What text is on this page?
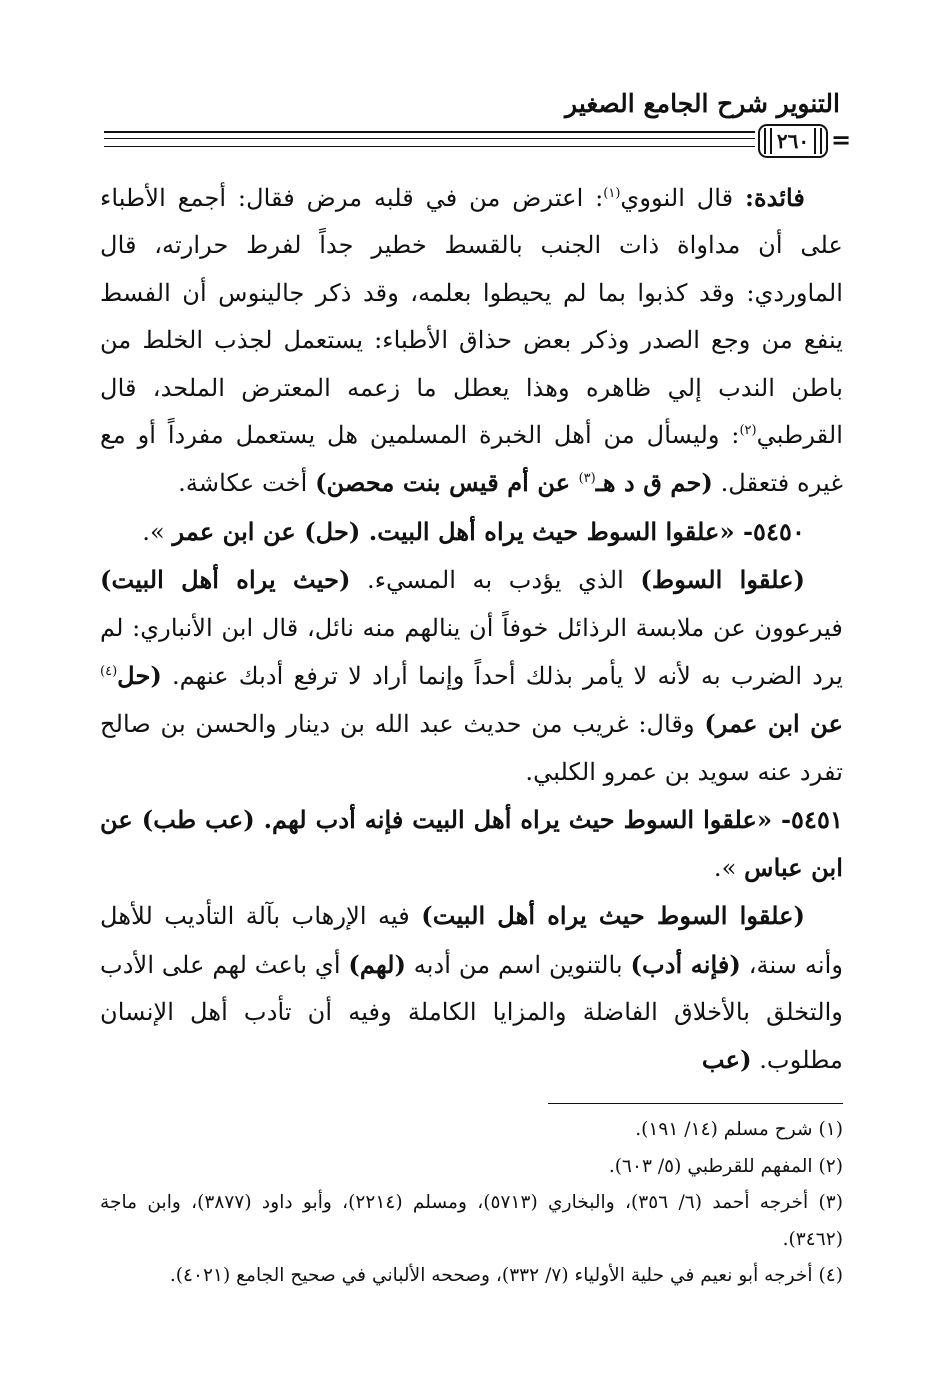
التنوير شرح الجامع الصغير
٢٦٠ =

فائدة: قال النووي$^{(١)}$: اعترض من في قلبه مرض فقال: أجمع الأطباء على أن مداواة ذات الجنب بالقسط خطير جداً لفرط حرارته، قال الماوردي: وقد كذبوا بما لم يحيطوا بعلمه، وقد ذكر جالينوس أن الفسط ينفع من وجع الصدر وذكر بعض حذاق الأطباء: يستعمل لجذب الخلط من باطن الندب إلي ظاهره وهذا يعطل ما زعمه المعترض الملحد، قال القرطبي$^{(٢)}$: وليسأل من أهل الخبرة المسلمين هل يستعمل مفرداً أو مع غيره فتعقل. (حم ق د هـ$^{(٣)}$ عن أم قيس بنت محصن) أخت عكاشة.

٥٤٥٠- «علقوا السوط حيث يراه أهل البيت. (حل) عن ابن عمر ».

(علقوا السوط) الذي يؤدب به المسيء. (حيث يراه أهل البيت) فيرعوون عن ملابسة الرذائل خوفاً أن ينالهم منه نائل، قال ابن الأنباري: لم يرد الضرب به لأنه لا يأمر بذلك أحداً وإنما أراد لا ترفع أدبك عنهم. (حل$^{(٤)}$ عن ابن عمر) وقال: غريب من حديث عبد الله بن دينار والحسن بن صالح تفرد عنه سويد بن عمرو الكلبي.

٥٤٥١- «علقوا السوط حيث يراه أهل البيت فإنه أدب لهم. (عب طب) عن ابن عباس ».

(علقوا السوط حيث يراه أهل البيت) فيه الإرهاب بآلة التأديب للأهل وأنه سنة، (فإنه أدب) بالتنوين اسم من أدبه (لهم) أي باعث لهم على الأدب والتخلق بالأخلاق الفاضلة والمزايا الكاملة وفيه أن تأدب أهل الإنسان مطلوب. (عب

(١) شرح مسلم (١٤/ ١٩١).

(٢) المفهم للقرطبي (٥/ ٦٠٣).

(٣) أخرجه أحمد (٦/ ٣٥٦)، والبخاري (٥٧١٣)، ومسلم (٢٢١٤)، وأبو داود (٣٨٧٧)، وابن ماجة (٣٤٦٢).

(٤) أخرجه أبو نعيم في حلية الأولياء (٧/ ٣٣٢)، وصححه الألباني في صحيح الجامع (٤٠٢١).
